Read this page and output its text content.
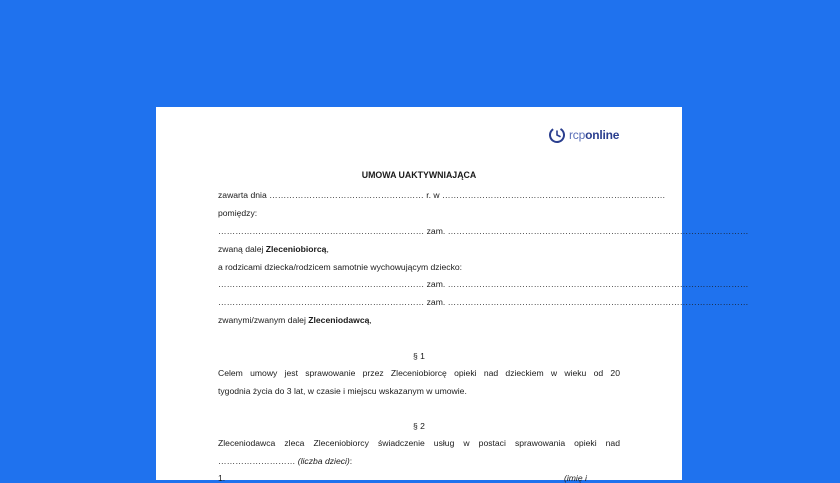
rcponline
UMOWA UAKTYWNIAJĄCA
zawarta dnia ……………………………………………… r. w ……………………………………………………………………
pomiędzy:
……………………………………………………………… zam. ……………………………………………………………………………………………
zwaną dalej Zleceniobiorcą,
a rodzicami dziecka/rodzicem samotnie wychowującym dziecko:
……………………………………………………………… zam. ……………………………………………………………………………………………
……………………………………………………………… zam. ……………………………………………………………………………………………
zwanymi/zwanym dalej Zleceniodawcą,
§ 1
Celem umowy jest sprawowanie przez Zleceniobiorcę opieki nad dzieckiem w wieku od 20
tygodnia życia do 3 lat, w czasie i miejscu wskazanym w umowie.
§ 2
Zleceniodawca zleca Zleceniobiorcy świadczenie usług w postaci sprawowania opieki nad
……………………… (liczba dzieci):
1.	(imię i
